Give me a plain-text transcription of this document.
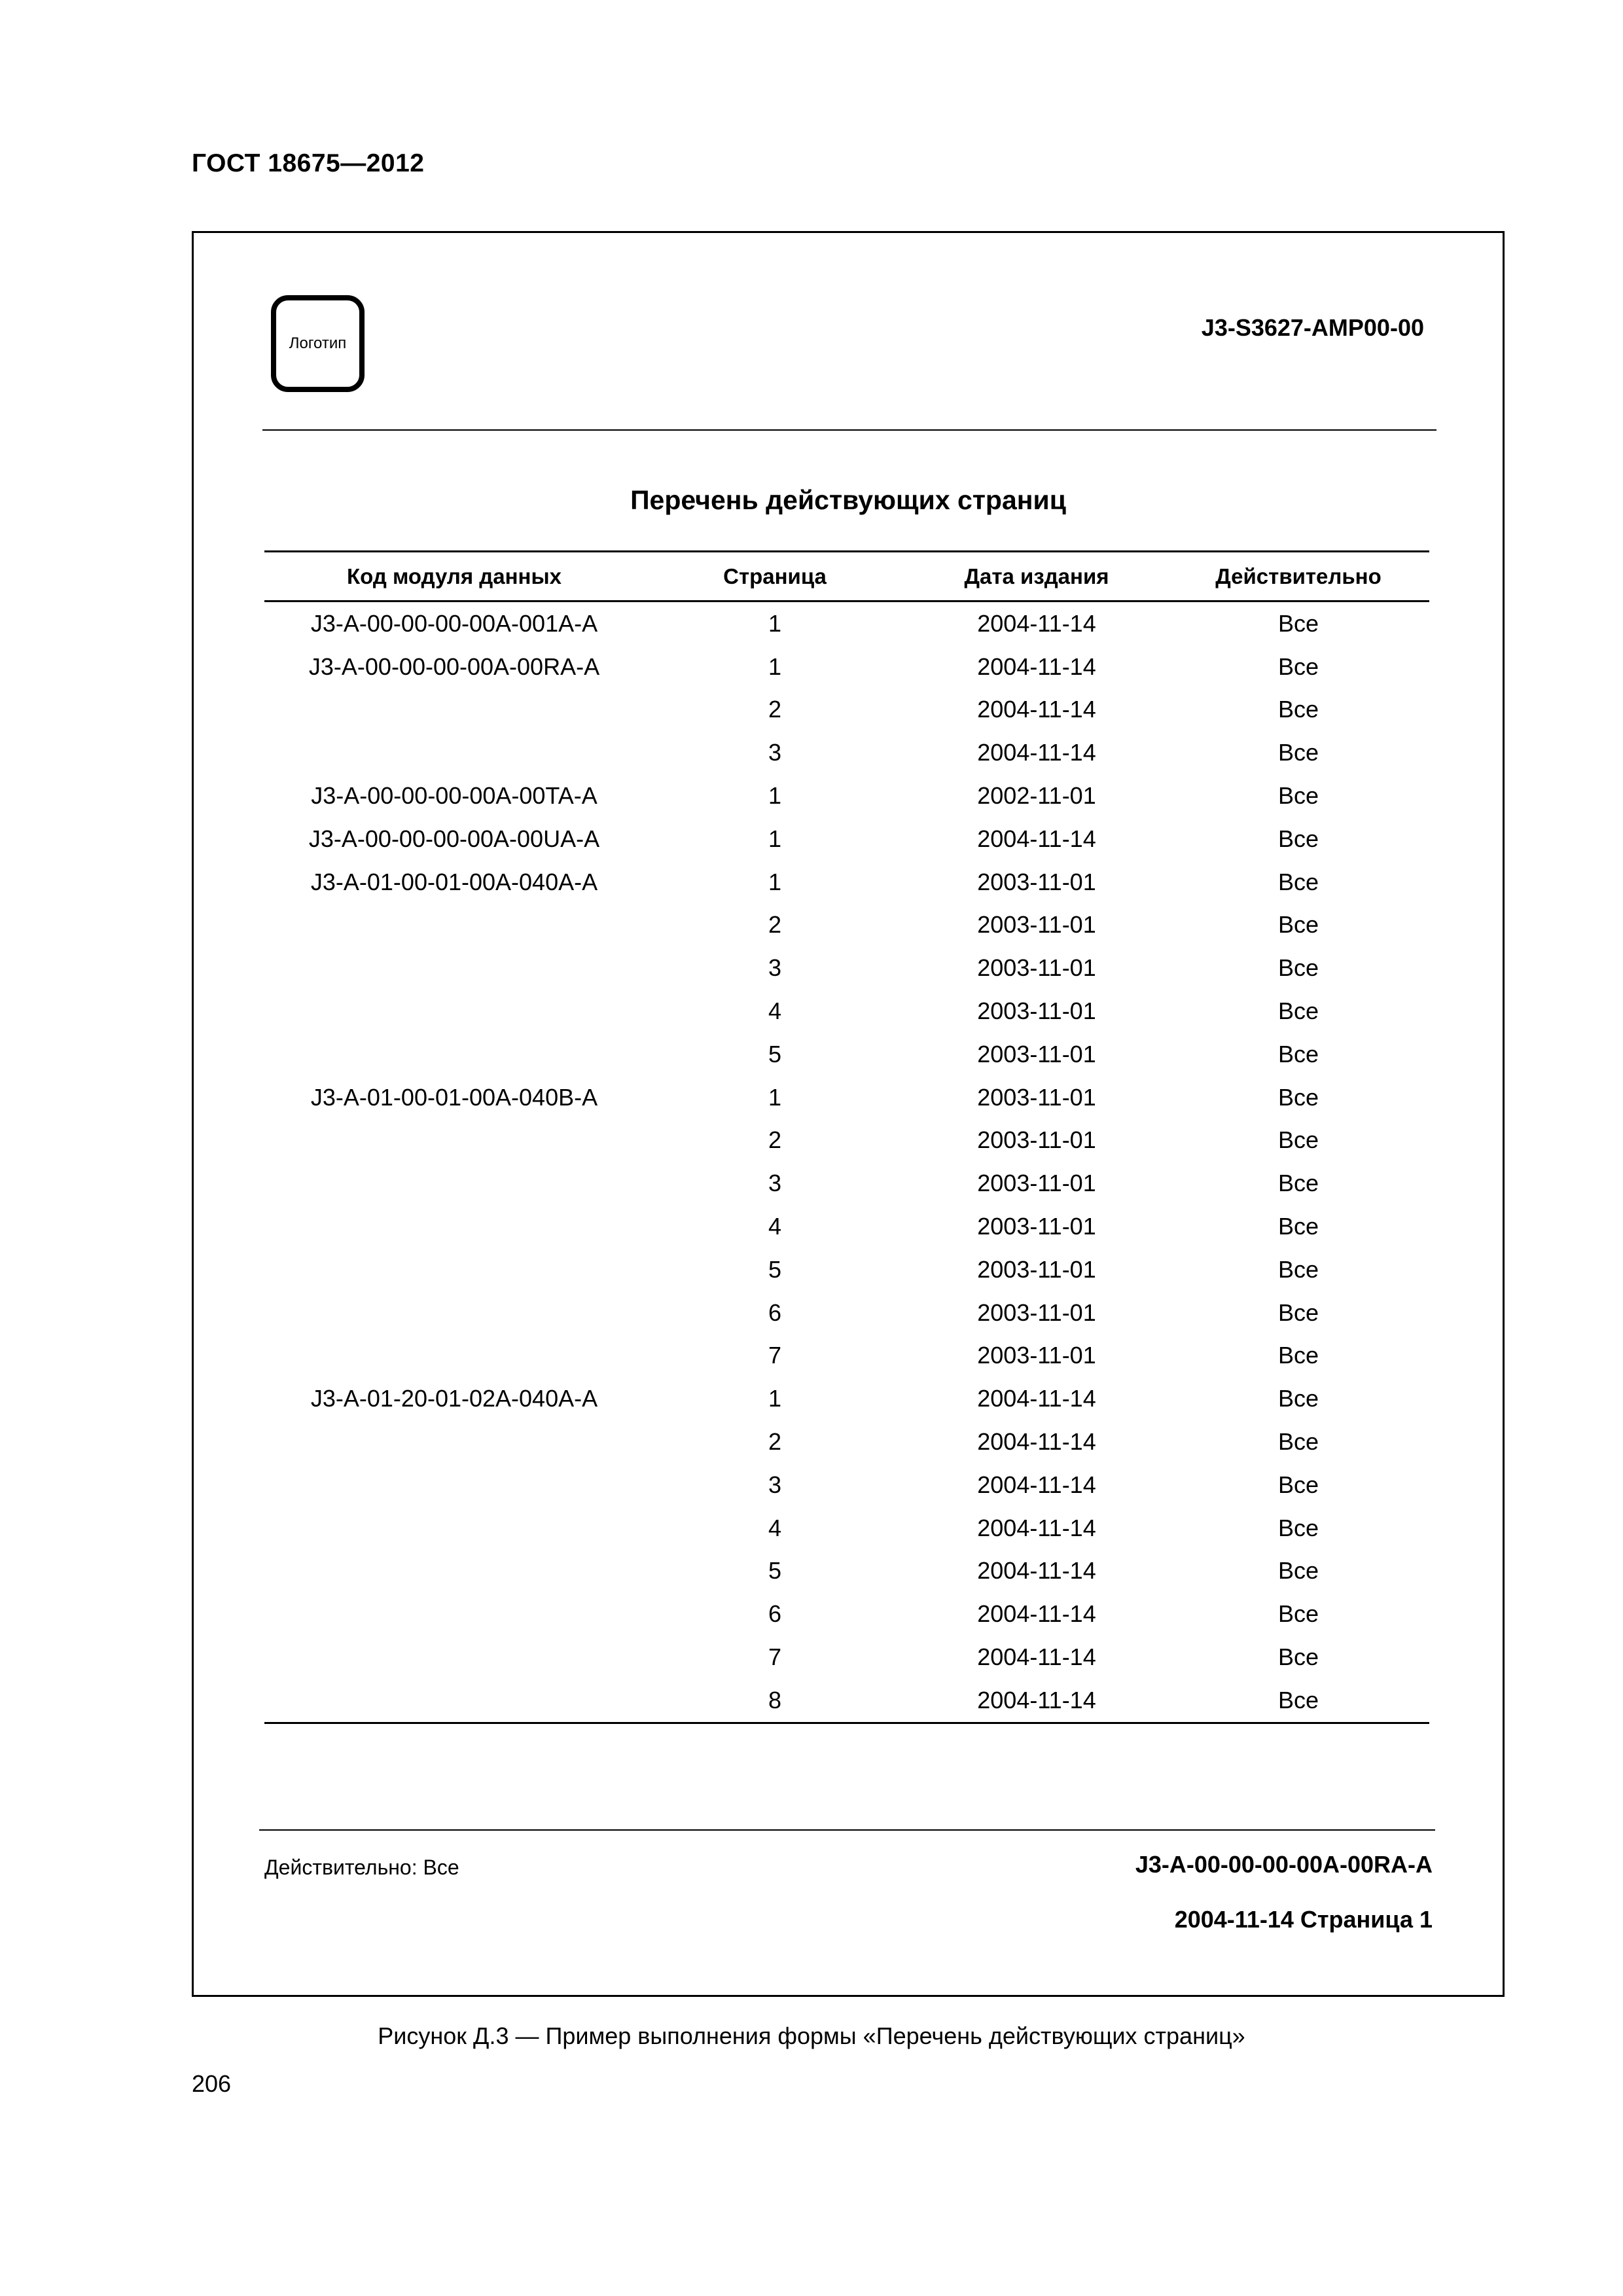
ГОСТ 18675—2012
Логотип
J3-S3627-AMP00-00
Перечень действующих страниц
Код модуля данных	Страница	Дата издания	Действительно
J3-A-00-00-00-00A-001A-A	1	2004-11-14	Все
J3-A-00-00-00-00A-00RA-A	1	2004-11-14	Все
	2	2004-11-14	Все
	3	2004-11-14	Все
J3-A-00-00-00-00A-00TA-A	1	2002-11-01	Все
J3-A-00-00-00-00A-00UA-A	1	2004-11-14	Все
J3-A-01-00-01-00A-040A-A	1	2003-11-01	Все
	2	2003-11-01	Все
	3	2003-11-01	Все
	4	2003-11-01	Все
	5	2003-11-01	Все
J3-A-01-00-01-00A-040B-A	1	2003-11-01	Все
	2	2003-11-01	Все
	3	2003-11-01	Все
	4	2003-11-01	Все
	5	2003-11-01	Все
	6	2003-11-01	Все
	7	2003-11-01	Все
J3-A-01-20-01-02A-040A-A	1	2004-11-14	Все
	2	2004-11-14	Все
	3	2004-11-14	Все
	4	2004-11-14	Все
	5	2004-11-14	Все
	6	2004-11-14	Все
	7	2004-11-14	Все
	8	2004-11-14	Все
Действительно: Все	J3-A-00-00-00-00A-00RA-A
2004-11-14 Страница 1
Рисунок Д.3 — Пример выполнения формы «Перечень действующих страниц»
206
